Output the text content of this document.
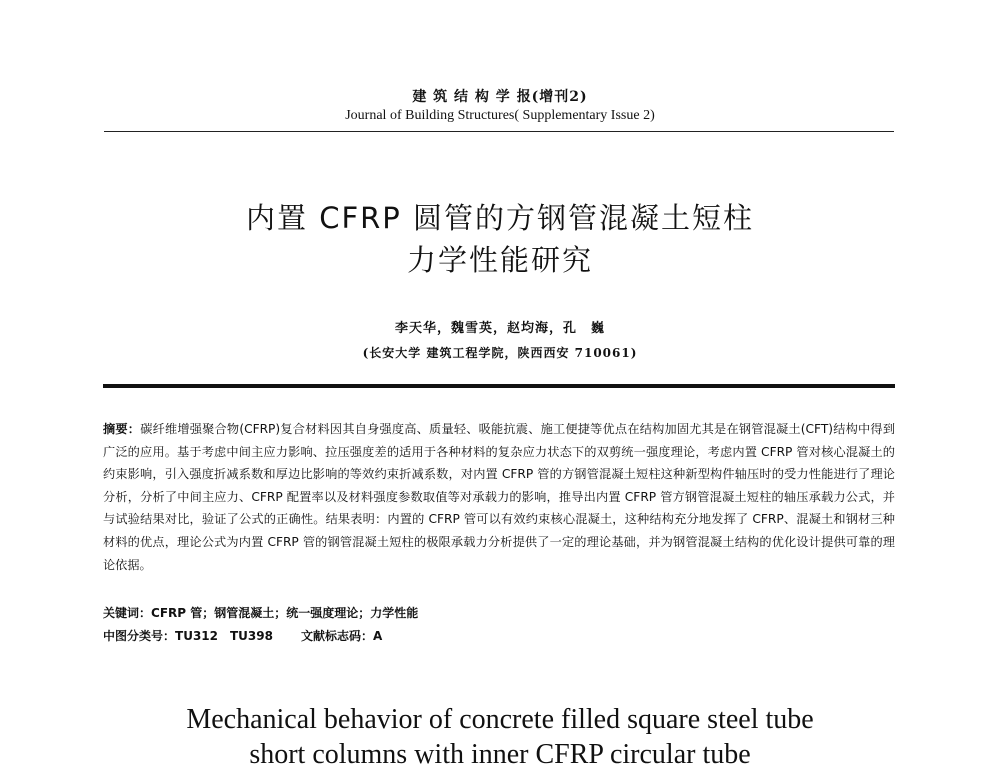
建 筑 结 构 学 报(增刊2)
Journal of Building Structures( Supplementary Issue 2)
内置 CFRP 圆管的方钢管混凝土短柱
力学性能研究
李天华，魏雪英，赵均海，孔　巍
(长安大学 建筑工程学院，陕西西安 710061)
摘要：碳纤维增强聚合物(CFRP)复合材料因其自身强度高、质量轻、吸能抗震、施工便捷等优点在结构加固尤其是在钢管混凝土(CFT)结构中得到广泛的应用。基于考虑中间主应力影响、拉压强度差的适用于各种材料的复杂应力状态下的双剪统一强度理论，考虑内置 CFRP 管对核心混凝土的约束影响，引入强度折减系数和厚边比影响的等效约束折减系数，对内置 CFRP 管的方钢管混凝土短柱这种新型构件轴压时的受力性能进行了理论分析，分析了中间主应力、CFRP 配置率以及材料强度参数取值等对承载力的影响，推导出内置 CFRP 管方钢管混凝土短柱的轴压承载力公式，并与试验结果对比，验证了公式的正确性。结果表明：内置的 CFRP 管可以有效约束核心混凝土，这种结构充分地发挥了 CFRP、混凝土和钢材三种材料的优点，理论公式为内置 CFRP 管的钢管混凝土短柱的极限承载力分析提供了一定的理论基础，并为钢管混凝土结构的优化设计提供可靠的理论依据。
关键词：CFRP 管；钢管混凝土；统一强度理论；力学性能
中图分类号：TU312　TU398 文献标志码：A
Mechanical behavior of concrete filled square steel tube
short columns with inner CFRP circular tube
